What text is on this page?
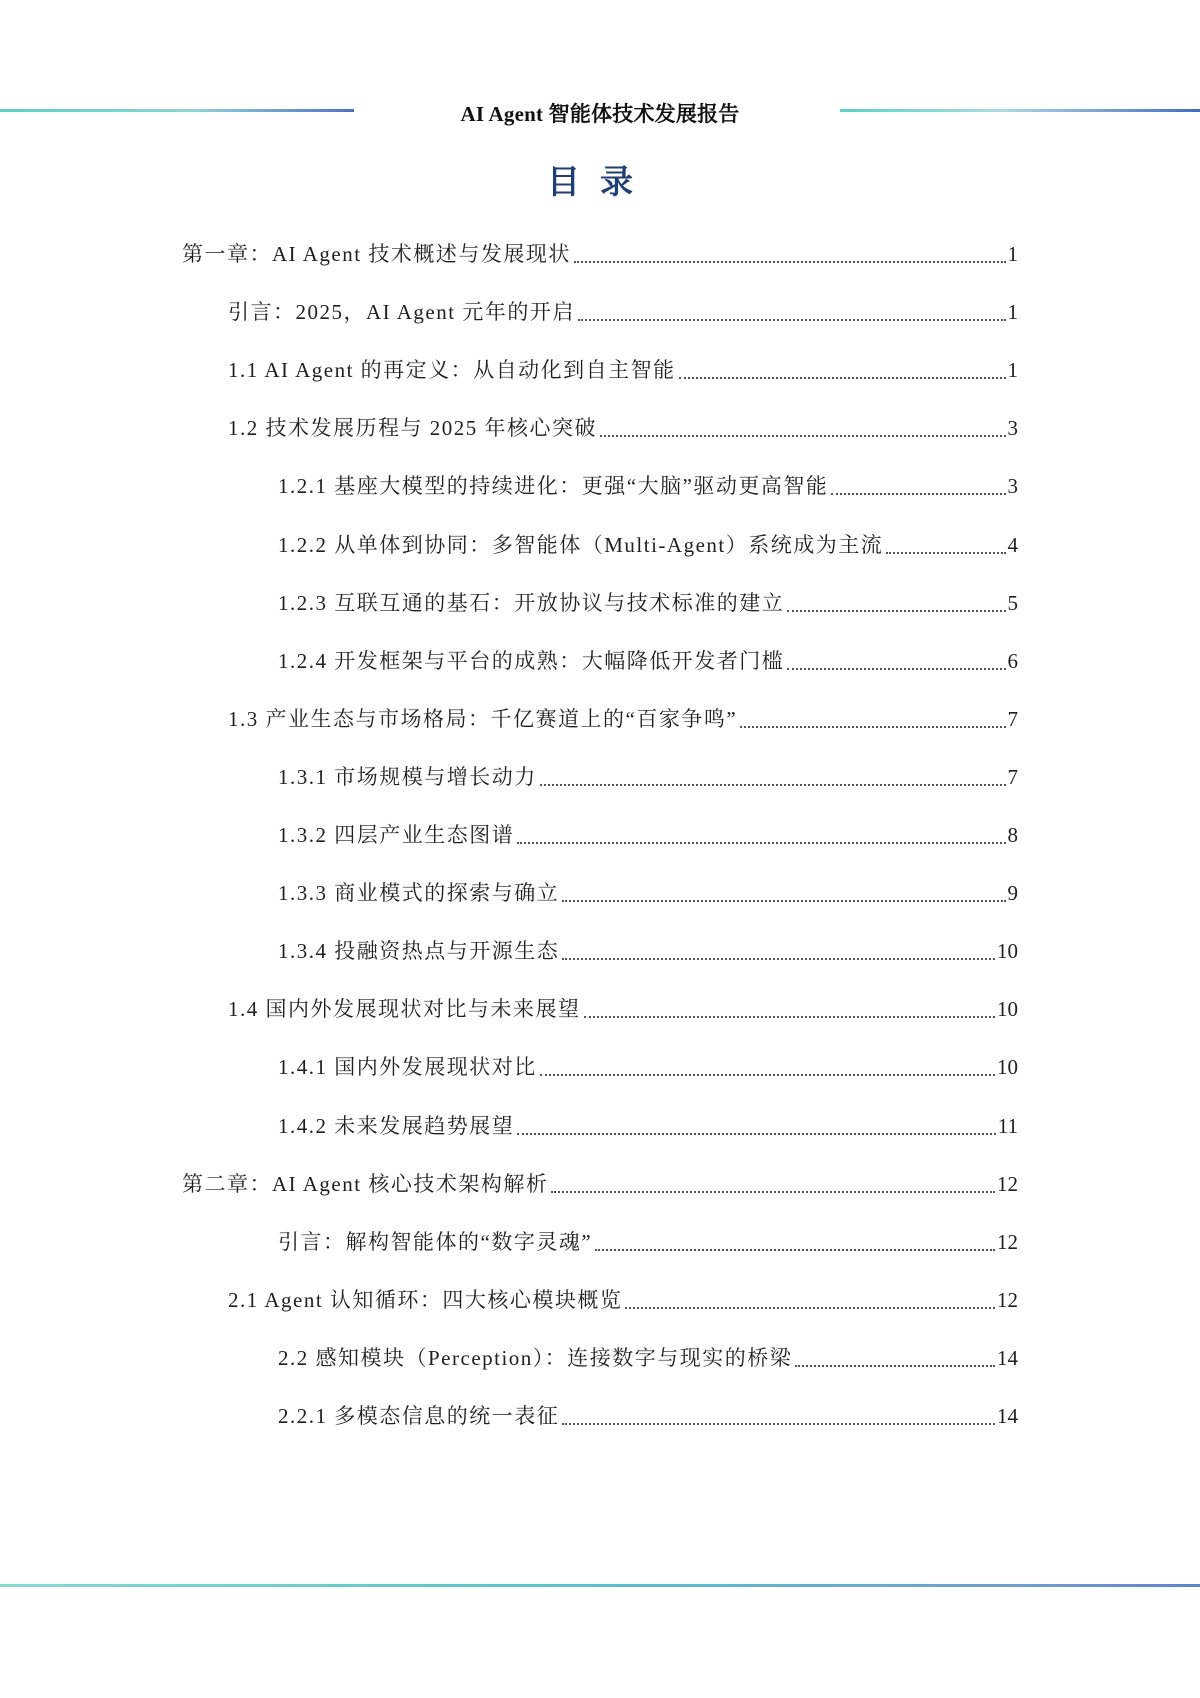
AI Agent 智能体技术发展报告
目录
第一章：AI Agent 技术概述与发展现状	1
引言：2025，AI Agent 元年的开启	1
1.1 AI Agent 的再定义：从自动化到自主智能	1
1.2 技术发展历程与 2025 年核心突破	3
1.2.1 基座大模型的持续进化：更强“大脑”驱动更高智能	3
1.2.2 从单体到协同：多智能体（Multi-Agent）系统成为主流	4
1.2.3 互联互通的基石：开放协议与技术标准的建立	5
1.2.4 开发框架与平台的成熟：大幅降低开发者门槛	6
1.3 产业生态与市场格局：千亿赛道上的“百家争鸣”	7
1.3.1 市场规模与增长动力	7
1.3.2 四层产业生态图谱	8
1.3.3 商业模式的探索与确立	9
1.3.4 投融资热点与开源生态	10
1.4 国内外发展现状对比与未来展望	10
1.4.1 国内外发展现状对比	10
1.4.2 未来发展趋势展望	11
第二章：AI Agent 核心技术架构解析	12
引言：解构智能体的“数字灵魂”	12
2.1 Agent 认知循环：四大核心模块概览	12
2.2 感知模块（Perception）：连接数字与现实的桥梁	14
2.2.1 多模态信息的统一表征	14
